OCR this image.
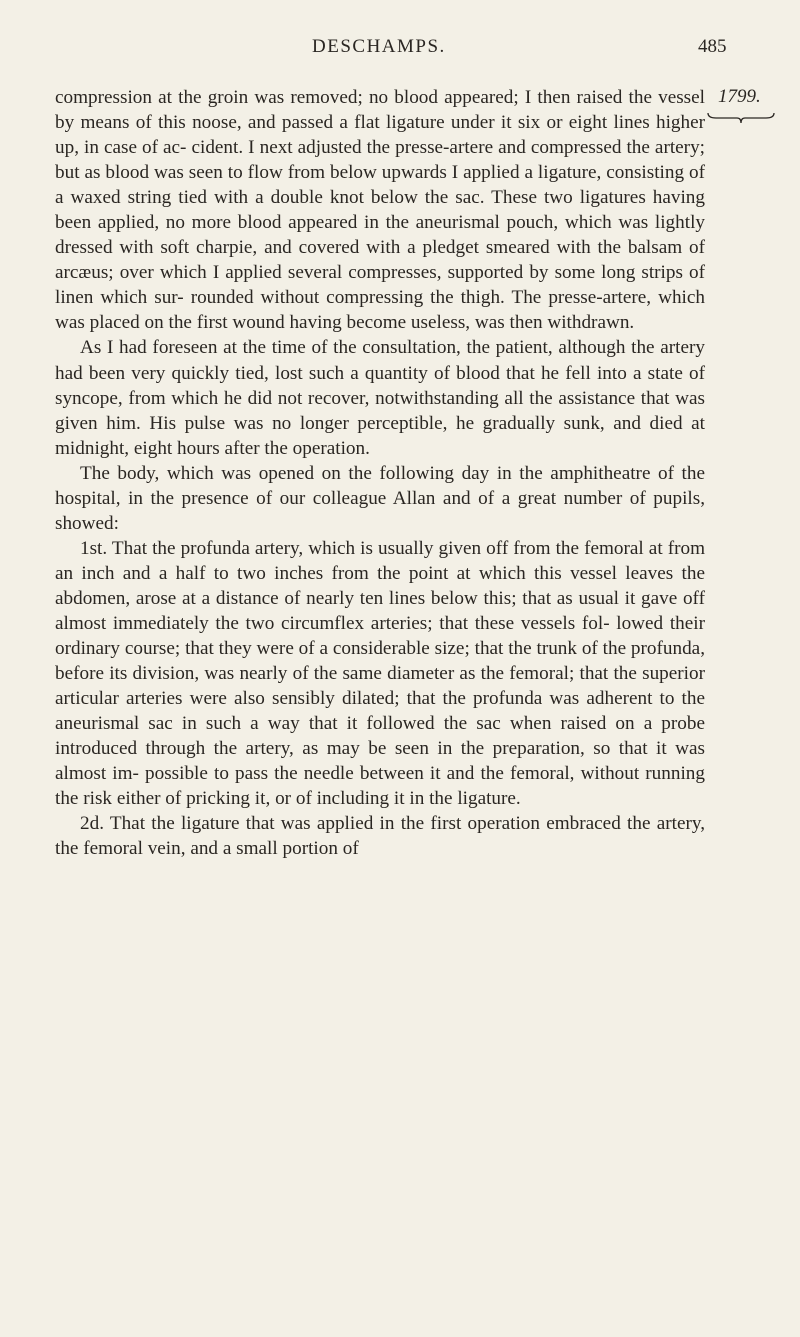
DESCHAMPS.	485
1799.

compression at the groin was removed; no blood appeared; I then raised the vessel by means of this noose, and passed a flat ligature under it six or eight lines higher up, in case of ac- cident. I next adjusted the presse-artere and compressed the artery; but as blood was seen to flow from below upwards I applied a ligature, consisting of a waxed string tied with a double knot below the sac. These two ligatures having been applied, no more blood appeared in the aneurismal pouch, which was lightly dressed with soft charpie, and covered with a pledget smeared with the balsam of arcæus; over which I applied several compresses, supported by some long strips of linen which sur- rounded without compressing the thigh. The presse-artere, which was placed on the first wound having become useless, was then withdrawn.

As I had foreseen at the time of the consultation, the patient, although the artery had been very quickly tied, lost such a quantity of blood that he fell into a state of syncope, from which he did not recover, notwithstanding all the assistance that was given him. His pulse was no longer perceptible, he gradually sunk, and died at midnight, eight hours after the operation.

The body, which was opened on the following day in the amphitheatre of the hospital, in the presence of our colleague Allan and of a great number of pupils, showed:

1st. That the profunda artery, which is usually given off from the femoral at from an inch and a half to two inches from the point at which this vessel leaves the abdomen, arose at a distance of nearly ten lines below this; that as usual it gave off almost immediately the two circumflex arteries; that these vessels fol- lowed their ordinary course; that they were of a considerable size; that the trunk of the profunda, before its division, was nearly of the same diameter as the femoral; that the superior articular arteries were also sensibly dilated; that the profunda was adherent to the aneurismal sac in such a way that it followed the sac when raised on a probe introduced through the artery, as may be seen in the preparation, so that it was almost im- possible to pass the needle between it and the femoral, without running the risk either of pricking it, or of including it in the ligature.

2d. That the ligature that was applied in the first operation embraced the artery, the femoral vein, and a small portion of
